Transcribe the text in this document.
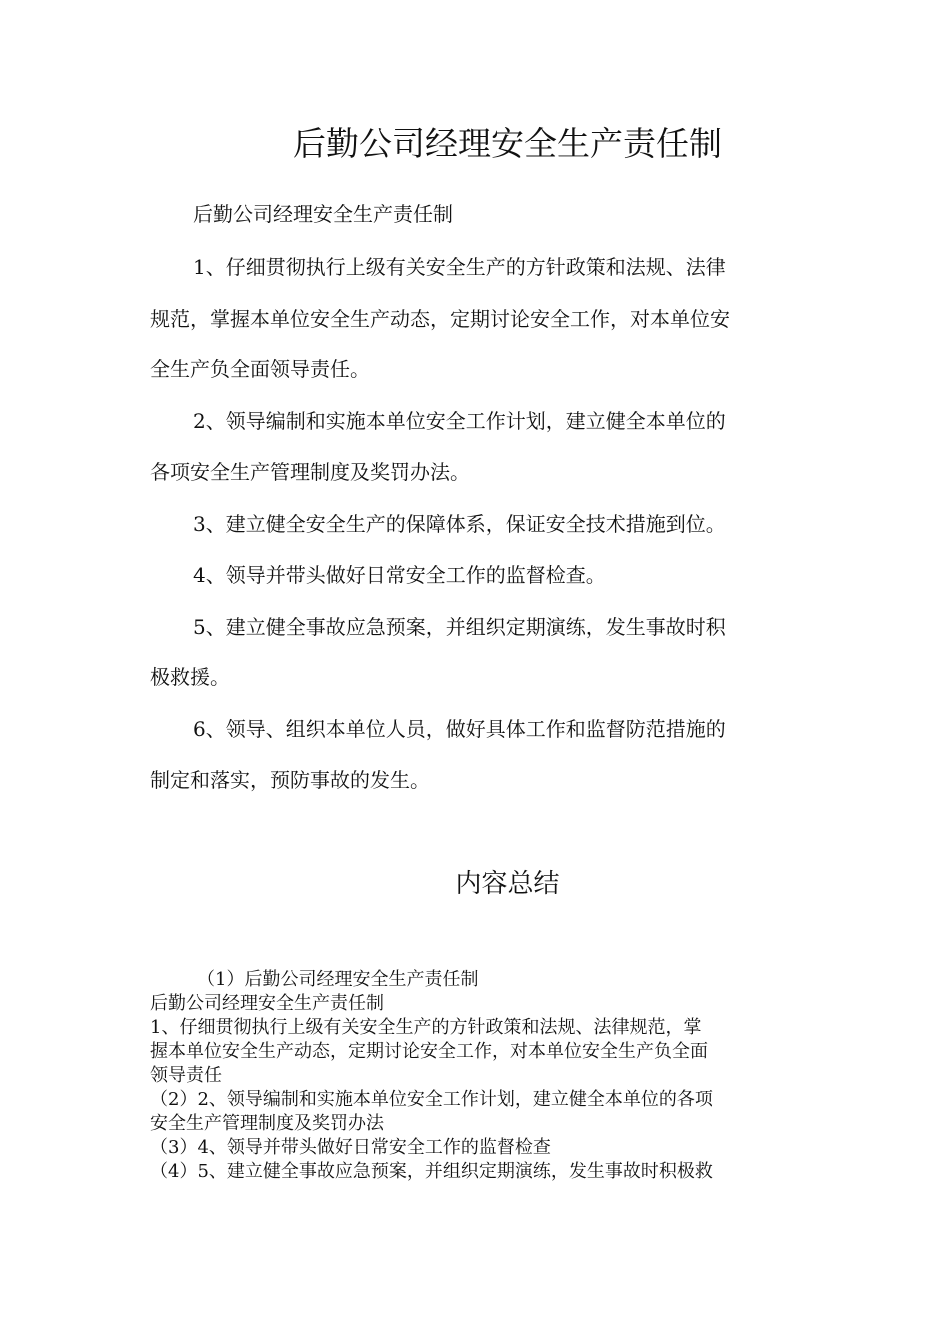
后勤公司经理安全生产责任制
后勤公司经理安全生产责任制
1、仔细贯彻执行上级有关安全生产的方针政策和法规、法律
规范，掌握本单位安全生产动态，定期讨论安全工作，对本单位安
全生产负全面领导责任。
2、领导编制和实施本单位安全工作计划，建立健全本单位的
各项安全生产管理制度及奖罚办法。
3、建立健全安全生产的保障体系，保证安全技术措施到位。
4、领导并带头做好日常安全工作的监督检查。
5、建立健全事故应急预案，并组织定期演练，发生事故时积
极救援。
6、领导、组织本单位人员，做好具体工作和监督防范措施的
制定和落实，预防事故的发生。
内容总结
（1）后勤公司经理安全生产责任制
后勤公司经理安全生产责任制
1、仔细贯彻执行上级有关安全生产的方针政策和法规、法律规范，掌
握本单位安全生产动态，定期讨论安全工作，对本单位安全生产负全面
领导责任
（2）2、领导编制和实施本单位安全工作计划，建立健全本单位的各项
安全生产管理制度及奖罚办法
（3）4、领导并带头做好日常安全工作的监督检查
（4）5、建立健全事故应急预案，并组织定期演练，发生事故时积极救
